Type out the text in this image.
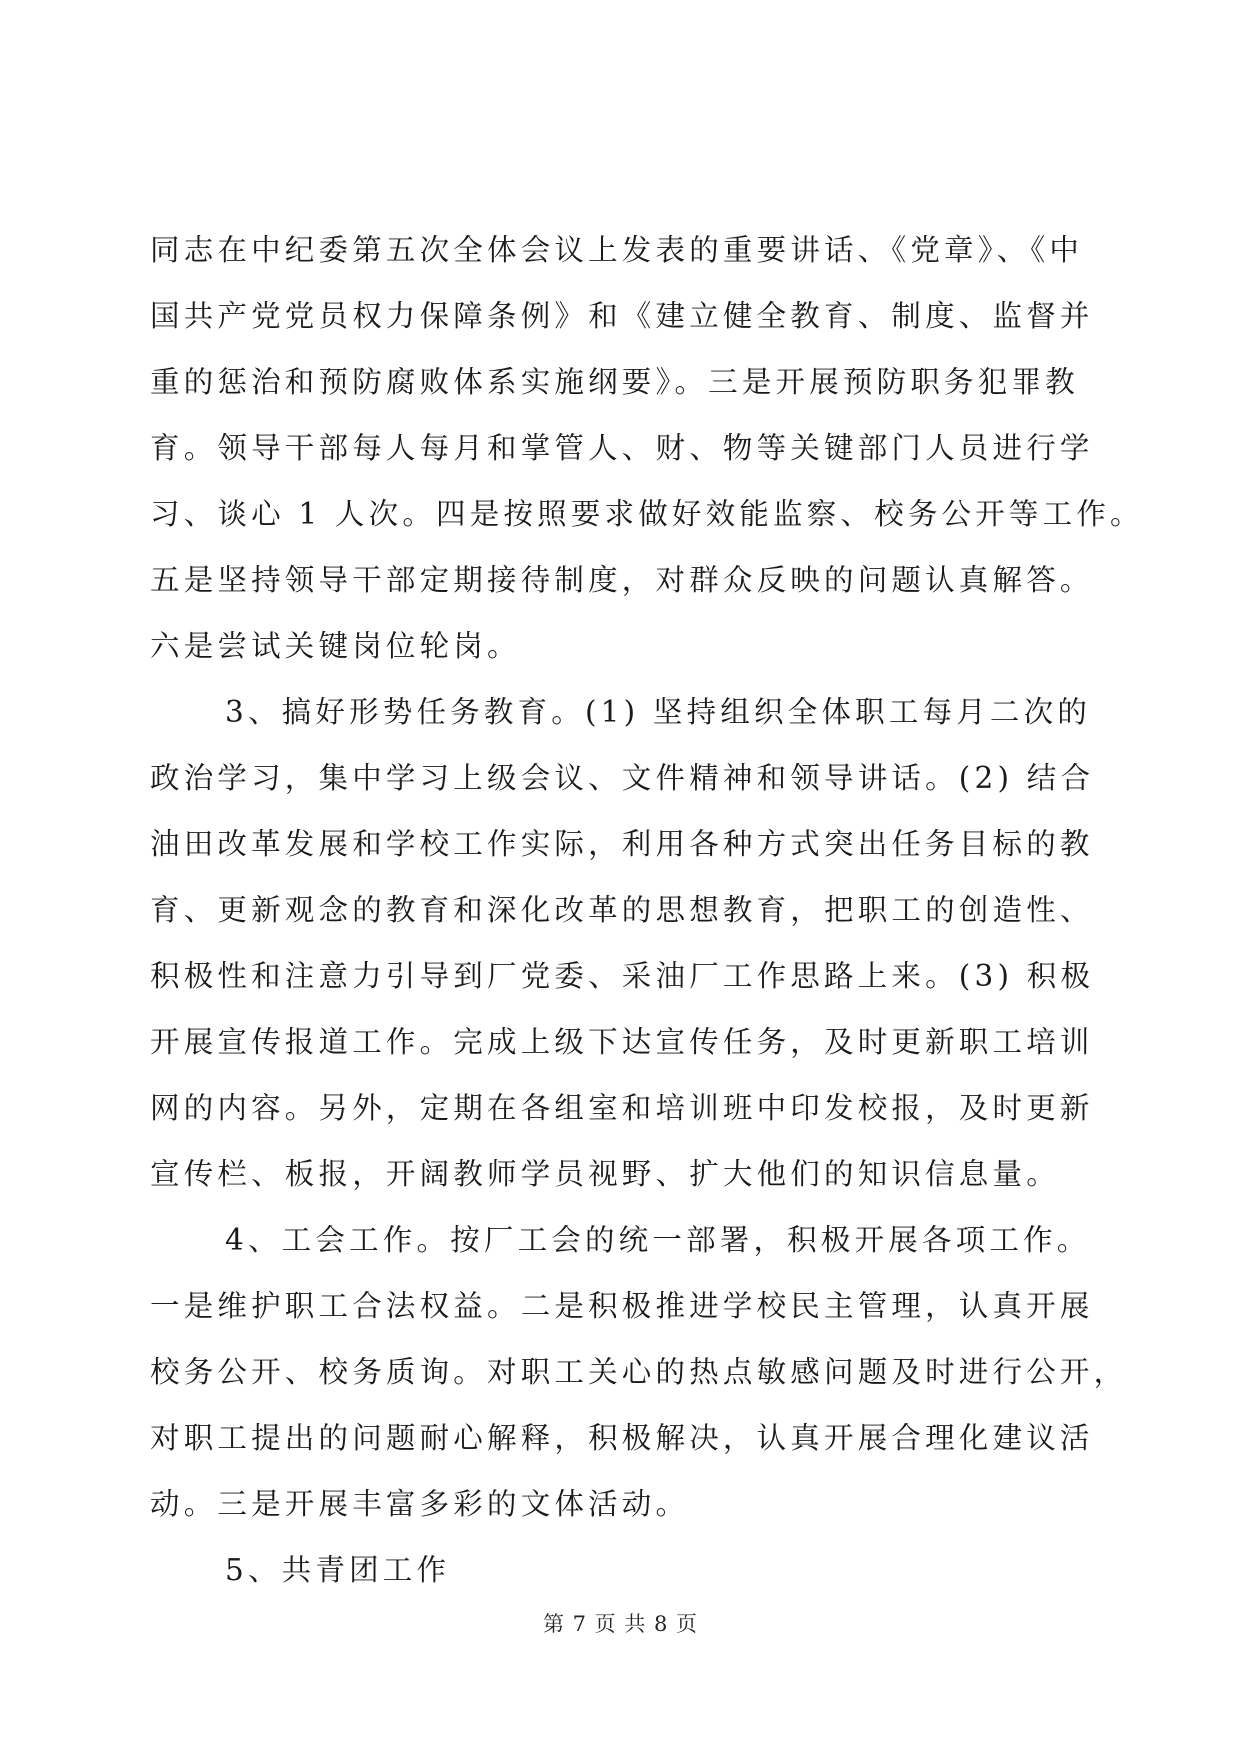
同志在中纪委第五次全体会议上发表的重要讲话、《党章》、《中
国共产党党员权力保障条例》和《建立健全教育、制度、监督并
重的惩治和预防腐败体系实施纲要》。三是开展预防职务犯罪教
育。领导干部每人每月和掌管人、财、物等关键部门人员进行学
习、谈心 1 人次。四是按照要求做好效能监察、校务公开等工作。
五是坚持领导干部定期接待制度，对群众反映的问题认真解答。
六是尝试关键岗位轮岗。
3、搞好形势任务教育。(1) 坚持组织全体职工每月二次的
政治学习，集中学习上级会议、文件精神和领导讲话。(2) 结合
油田改革发展和学校工作实际，利用各种方式突出任务目标的教
育、更新观念的教育和深化改革的思想教育，把职工的创造性、
积极性和注意力引导到厂党委、采油厂工作思路上来。(3) 积极
开展宣传报道工作。完成上级下达宣传任务，及时更新职工培训
网的内容。另外，定期在各组室和培训班中印发校报，及时更新
宣传栏、板报，开阔教师学员视野、扩大他们的知识信息量。
4、工会工作。按厂工会的统一部署，积极开展各项工作。
一是维护职工合法权益。二是积极推进学校民主管理，认真开展
校务公开、校务质询。对职工关心的热点敏感问题及时进行公开，
对职工提出的问题耐心解释，积极解决，认真开展合理化建议活
动。三是开展丰富多彩的文体活动。
5、共青团工作
第 7 页 共 8 页
